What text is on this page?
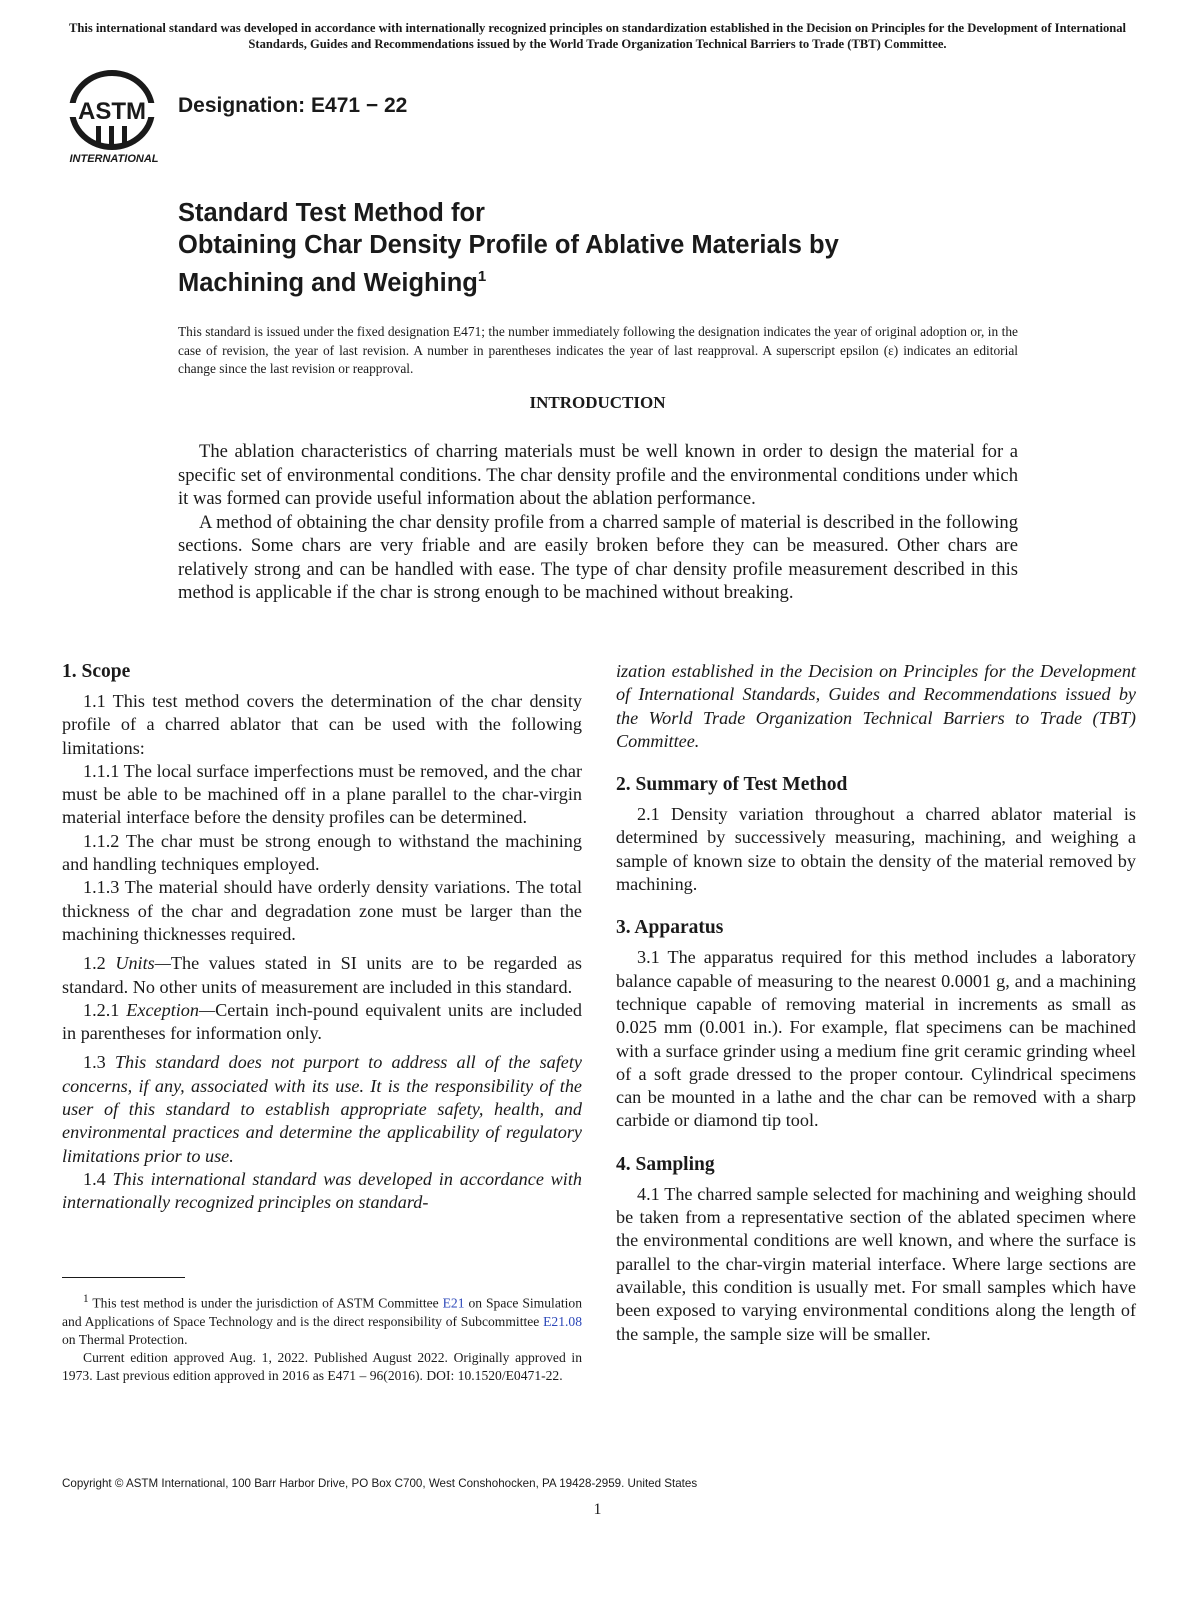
This international standard was developed in accordance with internationally recognized principles on standardization established in the Decision on Principles for the Development of International Standards, Guides and Recommendations issued by the World Trade Organization Technical Barriers to Trade (TBT) Committee.
ASTM
INTERNATIONAL
Designation: E471 − 22
Standard Test Method for
Obtaining Char Density Profile of Ablative Materials by
Machining and Weighing$^1$
This standard is issued under the fixed designation E471; the number immediately following the designation indicates the year of original adoption or, in the case of revision, the year of last revision. A number in parentheses indicates the year of last reapproval. A superscript epsilon (ε) indicates an editorial change since the last revision or reapproval.
INTRODUCTION

The ablation characteristics of charring materials must be well known in order to design the material for a specific set of environmental conditions. The char density profile and the environmental conditions under which it was formed can provide useful information about the ablation performance.

A method of obtaining the char density profile from a charred sample of material is described in the following sections. Some chars are very friable and are easily broken before they can be measured. Other chars are relatively strong and can be handled with ease. The type of char density profile measurement described in this method is applicable if the char is strong enough to be machined without breaking.

1. Scope

1.1 This test method covers the determination of the char density profile of a charred ablator that can be used with the following limitations:

1.1.1 The local surface imperfections must be removed, and the char must be able to be machined off in a plane parallel to the char-virgin material interface before the density profiles can be determined.

1.1.2 The char must be strong enough to withstand the machining and handling techniques employed.

1.1.3 The material should have orderly density variations. The total thickness of the char and degradation zone must be larger than the machining thicknesses required.

1.2 Units—The values stated in SI units are to be regarded as standard. No other units of measurement are included in this standard.

1.2.1 Exception—Certain inch-pound equivalent units are included in parentheses for information only.

1.3 This standard does not purport to address all of the safety concerns, if any, associated with its use. It is the responsibility of the user of this standard to establish appropriate safety, health, and environmental practices and determine the applicability of regulatory limitations prior to use.

1.4 This international standard was developed in accordance with internationally recognized principles on standard-

$^1$ This test method is under the jurisdiction of ASTM Committee E21 on Space Simulation and Applications of Space Technology and is the direct responsibility of Subcommittee E21.08 on Thermal Protection.

Current edition approved Aug. 1, 2022. Published August 2022. Originally approved in 1973. Last previous edition approved in 2016 as E471 – 96(2016). DOI: 10.1520/E0471-22.

ization established in the Decision on Principles for the Development of International Standards, Guides and Recommendations issued by the World Trade Organization Technical Barriers to Trade (TBT) Committee.

2. Summary of Test Method

2.1 Density variation throughout a charred ablator material is determined by successively measuring, machining, and weighing a sample of known size to obtain the density of the material removed by machining.

3. Apparatus

3.1 The apparatus required for this method includes a laboratory balance capable of measuring to the nearest 0.0001 g, and a machining technique capable of removing material in increments as small as 0.025 mm (0.001 in.). For example, flat specimens can be machined with a surface grinder using a medium fine grit ceramic grinding wheel of a soft grade dressed to the proper contour. Cylindrical specimens can be mounted in a lathe and the char can be removed with a sharp carbide or diamond tip tool.

4. Sampling

4.1 The charred sample selected for machining and weighing should be taken from a representative section of the ablated specimen where the environmental conditions are well known, and where the surface is parallel to the char-virgin material interface. Where large sections are available, this condition is usually met. For small samples which have been exposed to varying environmental conditions along the length of the sample, the sample size will be smaller.

Copyright © ASTM International, 100 Barr Harbor Drive, PO Box C700, West Conshohocken, PA 19428-2959. United States
1
